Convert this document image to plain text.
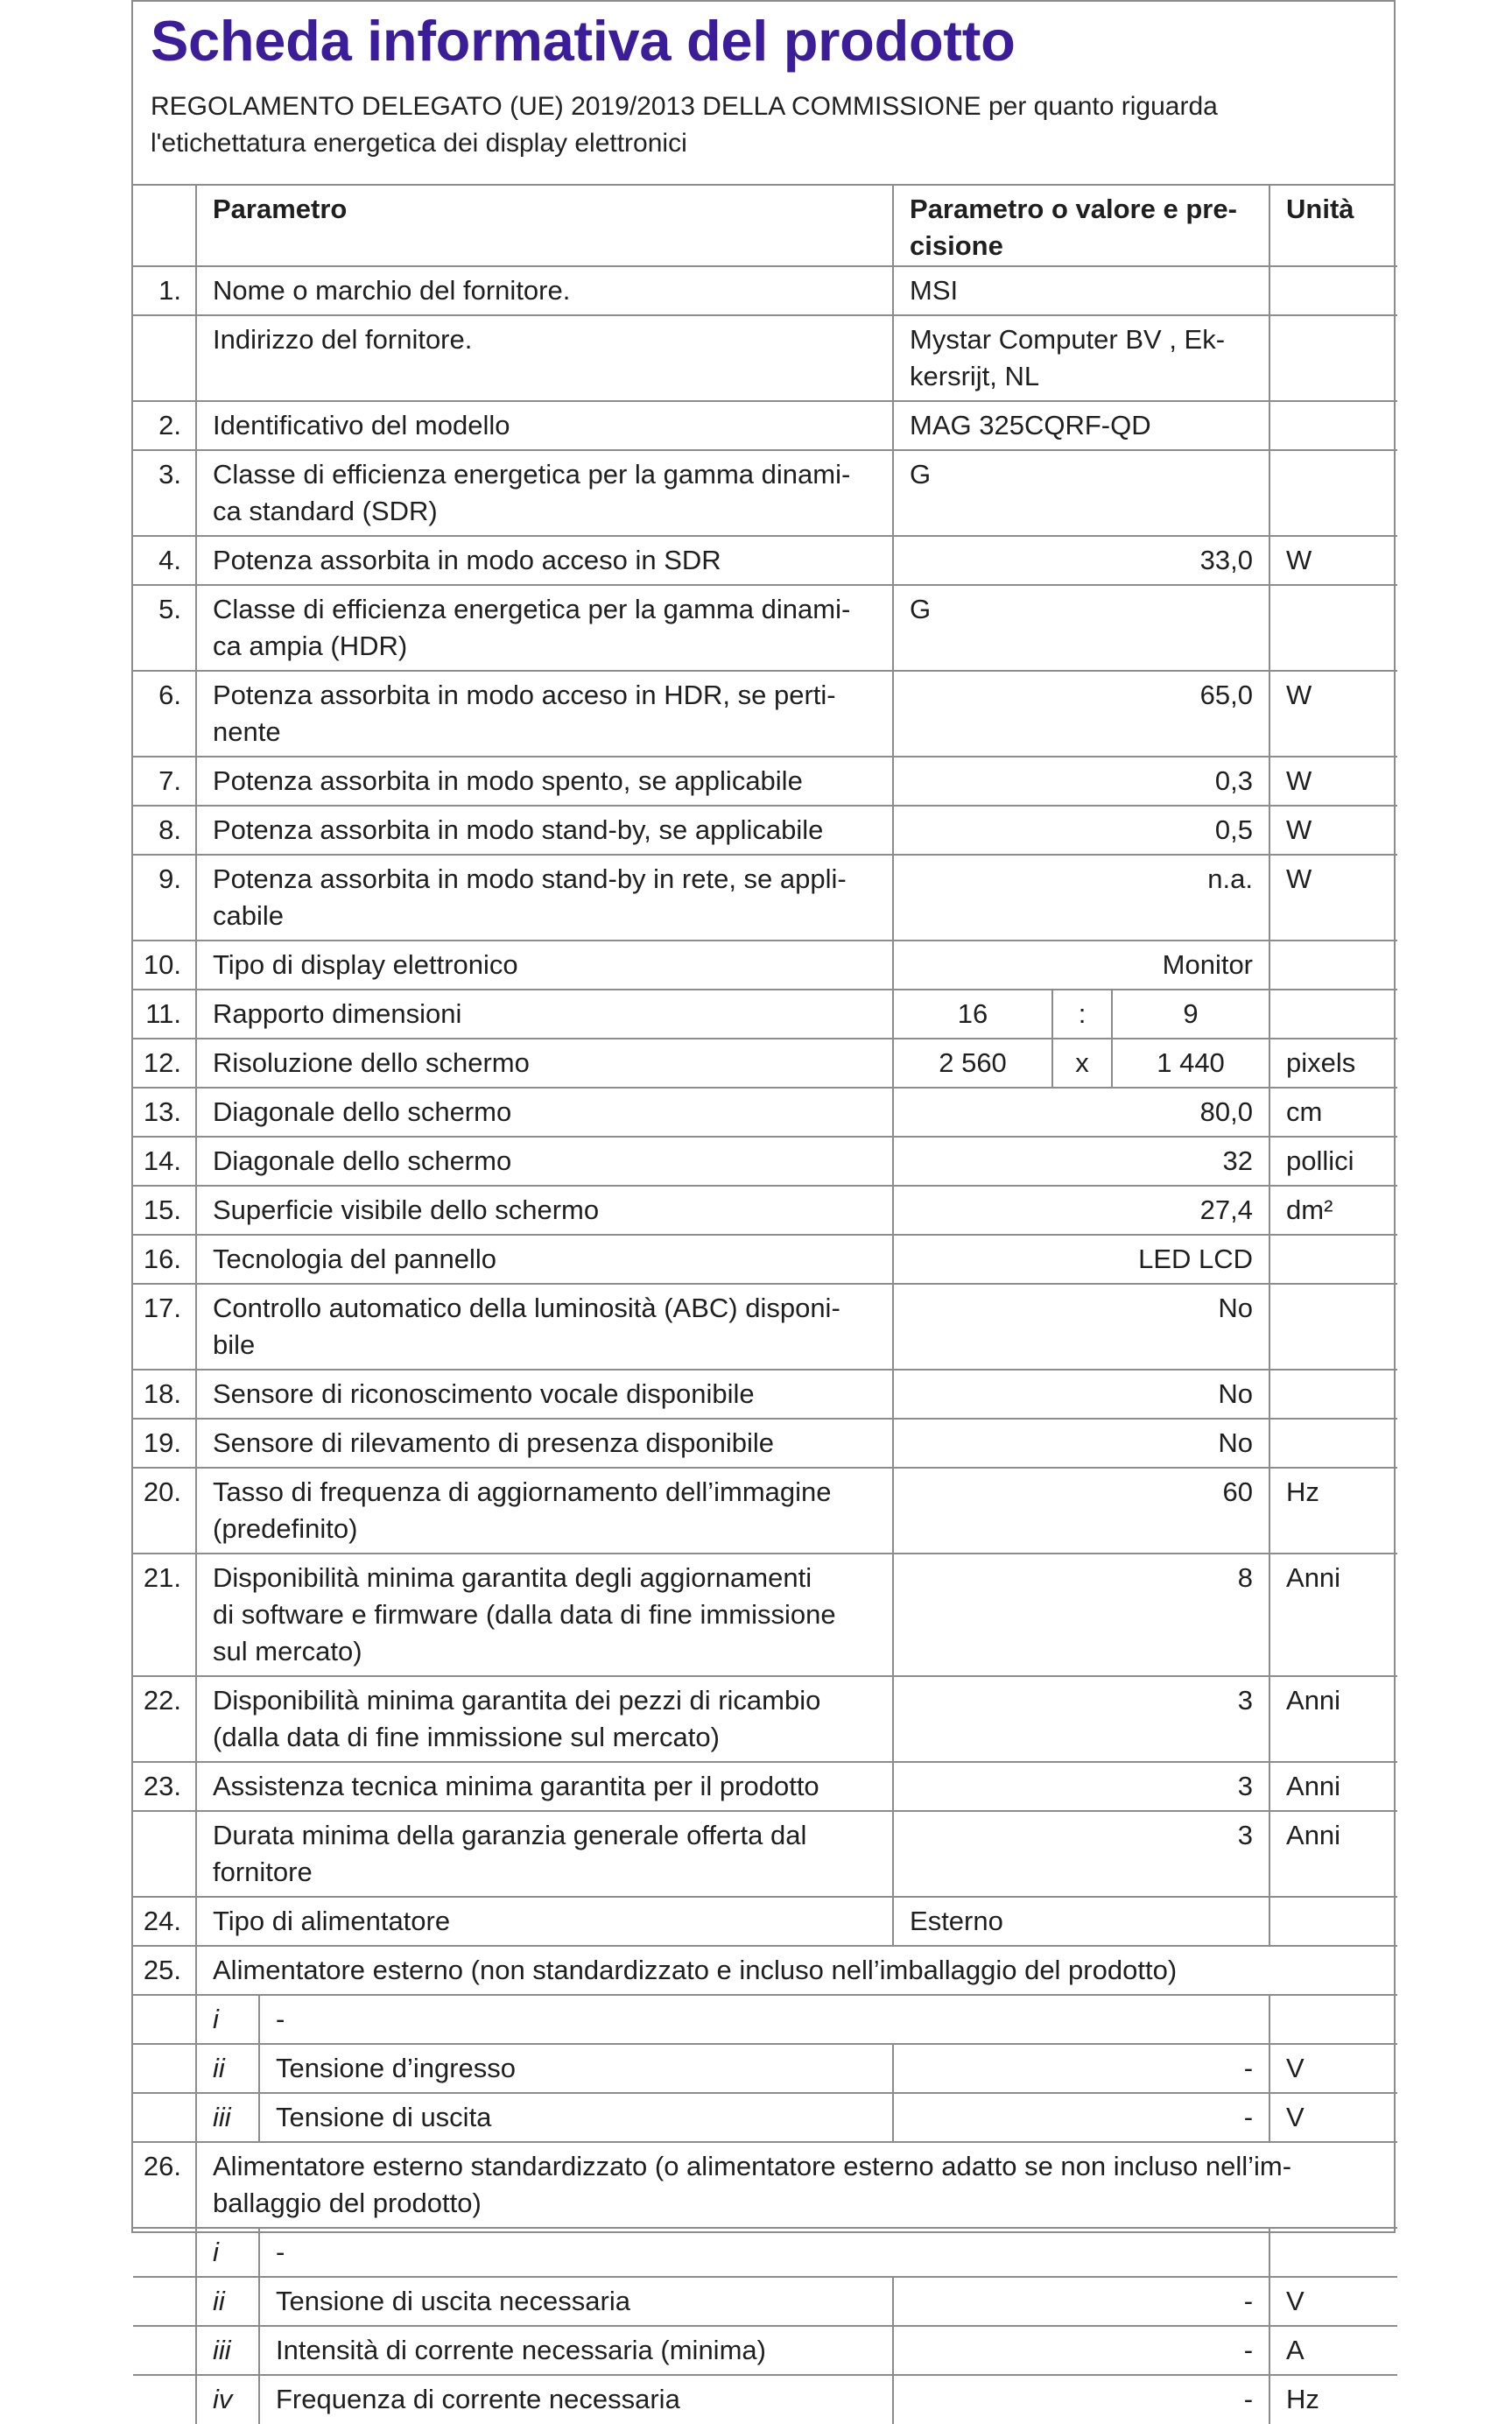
Scheda informativa del prodotto
REGOLAMENTO DELEGATO (UE) 2019/2013 DELLA COMMISSIONE per quanto riguarda
l'etichettatura energetica dei display elettronici
	Parametro		Parametro o valore e pre-
cisione			Unità
1.	Nome o marchio del fornitore.		MSI			

	Indirizzo del fornitore.		Mystar Computer BV , Ek-
kersrijt, NL			

2.	Identificativo del modello		MAG 325CQRF-QD			

3.	Classe di efficienza energetica per la gamma dinami-
ca standard (SDR)		G			

4.	Potenza assorbita in modo acceso in SDR		33,0			W
5.	Classe di efficienza energetica per la gamma dinami-
ca ampia (HDR)		G			

6.	Potenza assorbita in modo acceso in HDR, se perti-
nente		65,0			W
7.	Potenza assorbita in modo spento, se applicabile		0,3			W
8.	Potenza assorbita in modo stand-by, se applicabile		0,5			W
9.	Potenza assorbita in modo stand-by in rete, se appli-
cabile		n.a.			W
10.	Tipo di display elettronico		Monitor			

11.	Rapporto dimensioni		16	:	9	
12.	Risoluzione dello schermo		2 560	x	1 440	pixels
13.	Diagonale dello schermo		80,0			cm
14.	Diagonale dello schermo		32			pollici
15.	Superficie visibile dello schermo		27,4			dm²
16.	Tecnologia del pannello		LED LCD			

17.	Controllo automatico della luminosità (ABC) disponi-
bile		No			

18.	Sensore di riconoscimento vocale disponibile		No			

19.	Sensore di rilevamento di presenza disponibile		No			

20.	Tasso di frequenza di aggiornamento dell’immagine
(predefinito)		60			Hz
21.	Disponibilità minima garantita degli aggiornamenti
di software e firmware (dalla data di fine immissione
sul mercato)		8			Anni
22.	Disponibilità minima garantita dei pezzi di ricambio
(dalla data di fine immissione sul mercato)		3			Anni
23.	Assistenza tecnica minima garantita per il prodotto		3			Anni

	Durata minima della garanzia generale offerta dal
fornitore		3			Anni
24.	Tipo di alimentatore		Esterno			

25.	Alimentatore esterno (non standardizzato e incluso nell’imballaggio del prodotto)					

	i	-				
	ii	Tensione d’ingresso	-			V
	iii	Tensione di uscita	-			V
26.	Alimentatore esterno standardizzato (o alimentatore esterno adatto se non incluso nell’im-
ballaggio del prodotto)					

	i	-				
	ii	Tensione di uscita necessaria	-			V
	iii	Intensità di corrente necessaria (minima)	-			A
	iv	Frequenza di corrente necessaria	-			Hz
